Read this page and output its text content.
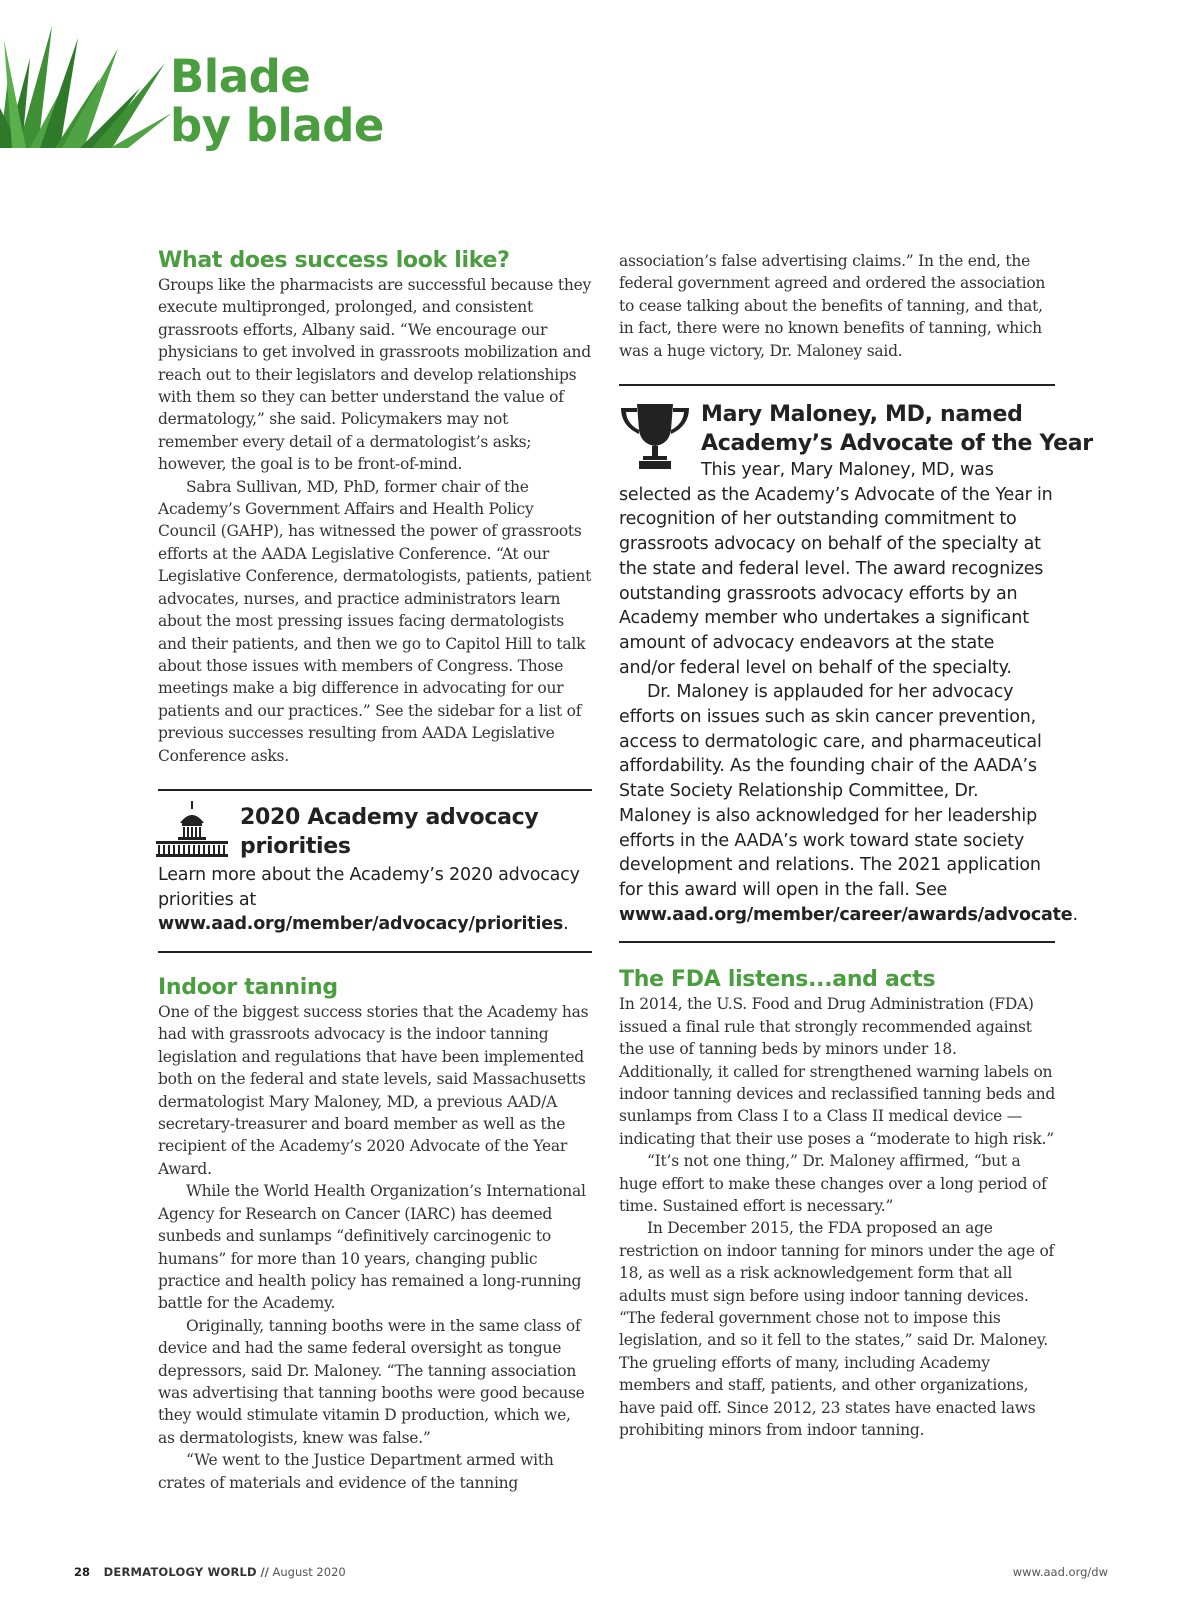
Blade
by blade
What does success look like?

Groups like the pharmacists are successful because they execute multipronged, prolonged, and consistent grassroots efforts, Albany said. “We encourage our physicians to get involved in grassroots mobilization and reach out to their legislators and develop relationships with them so they can better understand the value of dermatology,” she said. Policymakers may not remember every detail of a dermatologist’s asks; however, the goal is to be front-of-mind.

Sabra Sullivan, MD, PhD, former chair of the Academy’s Government Affairs and Health Policy Council (GAHP), has witnessed the power of grassroots efforts at the AADA Legislative Conference. “At our Legislative Conference, dermatologists, patients, patient advocates, nurses, and practice administrators learn about the most pressing issues facing dermatologists and their patients, and then we go to Capitol Hill to talk about those issues with members of Congress. Those meetings make a big difference in advocating for our patients and our practices.” See the sidebar for a list of previous successes resulting from AADA Legislative Conference asks.

2020 Academy advocacy priorities

Learn more about the Academy’s 2020 advocacy priorities at www.aad.org/member/advocacy/priorities.

Indoor tanning

One of the biggest success stories that the Academy has had with grassroots advocacy is the indoor tanning legislation and regulations that have been implemented both on the federal and state levels, said Massachusetts dermatologist Mary Maloney, MD, a previous AAD/A secretary-treasurer and board member as well as the recipient of the Academy’s 2020 Advocate of the Year Award.

While the World Health Organization’s International Agency for Research on Cancer (IARC) has deemed sunbeds and sunlamps “definitively carcinogenic to humans” for more than 10 years, changing public practice and health policy has remained a long-running battle for the Academy.

Originally, tanning booths were in the same class of device and had the same federal oversight as tongue depressors, said Dr. Maloney. “The tanning association was advertising that tanning booths were good because they would stimulate vitamin D production, which we, as dermatologists, knew was false.”

“We went to the Justice Department armed with crates of materials and evidence of the tanning

association’s false advertising claims.” In the end, the federal government agreed and ordered the association to cease talking about the benefits of tanning, and that, in fact, there were no known benefits of tanning, which was a huge victory, Dr. Maloney said.

Mary Maloney, MD, named
Academy’s Advocate of the Year

This year, Mary Maloney, MD, was selected as the Academy’s Advocate of the Year in recognition of her outstanding commitment to grassroots advocacy on behalf of the specialty at the state and federal level. The award recognizes outstanding grassroots advocacy efforts by an Academy member who undertakes a significant amount of advocacy endeavors at the state and/or federal level on behalf of the specialty.

Dr. Maloney is applauded for her advocacy efforts on issues such as skin cancer prevention, access to dermatologic care, and pharmaceutical affordability. As the founding chair of the AADA’s State Society Relationship Committee, Dr. Maloney is also acknowledged for her leadership efforts in the AADA’s work toward state society development and relations. The 2021 application for this award will open in the fall. See www.aad.org/member/career/awards/advocate.

The FDA listens...and acts

In 2014, the U.S. Food and Drug Administration (FDA) issued a final rule that strongly recommended against the use of tanning beds by minors under 18. Additionally, it called for strengthened warning labels on indoor tanning devices and reclassified tanning beds and sunlamps from Class I to a Class II medical device — indicating that their use poses a “moderate to high risk.”

“It’s not one thing,” Dr. Maloney affirmed, “but a huge effort to make these changes over a long period of time. Sustained effort is necessary.”

In December 2015, the FDA proposed an age restriction on indoor tanning for minors under the age of 18, as well as a risk acknowledgement form that all adults must sign before using indoor tanning devices. “The federal government chose not to impose this legislation, and so it fell to the states,” said Dr. Maloney. The grueling efforts of many, including Academy members and staff, patients, and other organizations, have paid off. Since 2012, 23 states have enacted laws prohibiting minors from indoor tanning.

28 DERMATOLOGY WORLD // August 2020	www.aad.org/dw
